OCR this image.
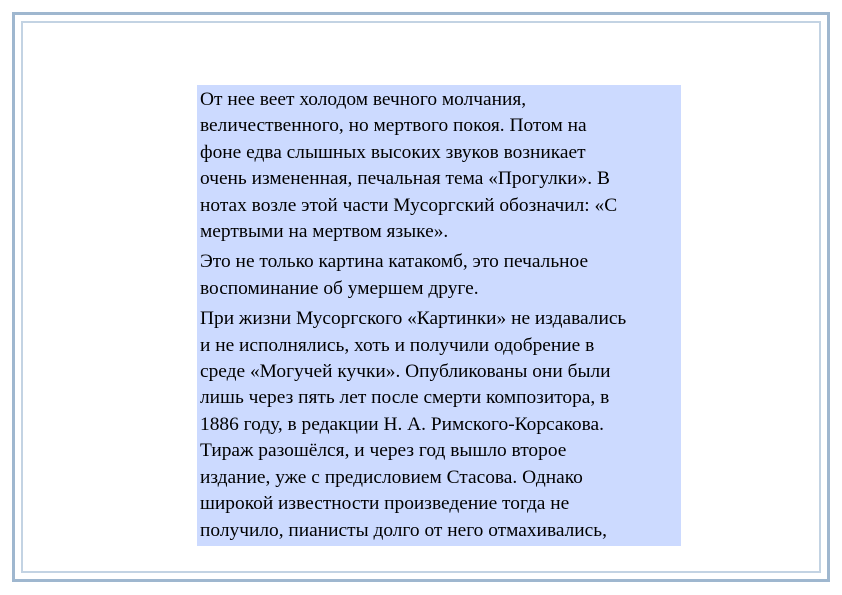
От нее веет холодом вечного молчания,
величественного, но мертвого покоя. Потом на
фоне едва слышных высоких звуков возникает
очень измененная, печальная тема «Прогулки». В
нотах возле этой части Мусоргский обозначил: «С
мертвыми на мертвом языке».

Это не только картина катакомб, это печальное
воспоминание об умершем друге.

При жизни Мусоргского «Картинки» не издавались
и не исполнялись, хоть и получили одобрение в
среде «Могучей кучки». Опубликованы они были
лишь через пять лет после смерти композитора, в
1886 году, в редакции Н. А. Римского-Корсакова.
Тираж разошёлся, и через год вышло второе
издание, уже с предисловием Стасова. Однако
широкой известности произведение тогда не
получило, пианисты долго от него отмахивались,
